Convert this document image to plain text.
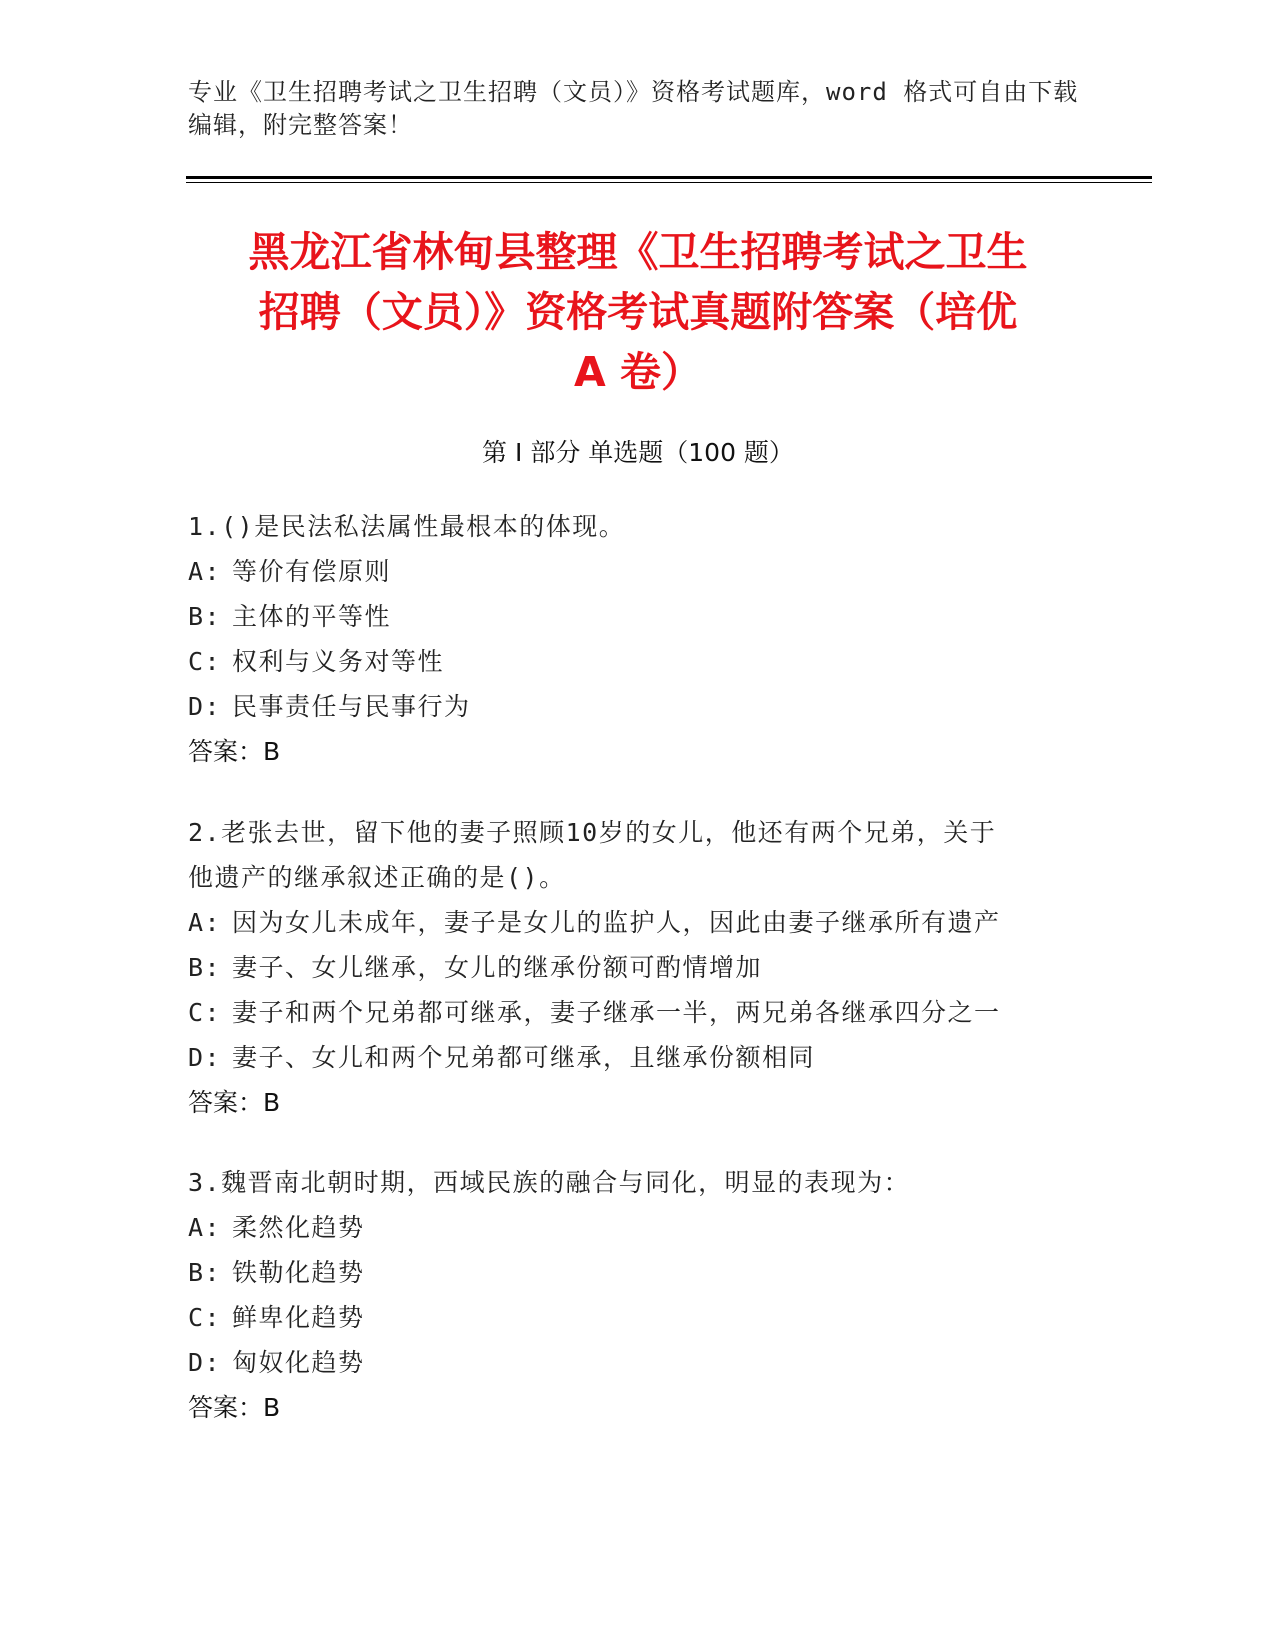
专业《卫生招聘考试之卫生招聘（文员）》资格考试题库，word 格式可自由下载
编辑，附完整答案！
黑龙江省林甸县整理《卫生招聘考试之卫生
招聘（文员）》资格考试真题附答案（培优
A 卷）
第 I 部分 单选题（100 题）
1.()是民法私法属性最根本的体现。
A: 等价有偿原则
B: 主体的平等性
C: 权利与义务对等性
D: 民事责任与民事行为
答案：B
2.老张去世，留下他的妻子照顾10岁的女儿，他还有两个兄弟，关于
他遗产的继承叙述正确的是()。
A: 因为女儿未成年，妻子是女儿的监护人，因此由妻子继承所有遗产
B: 妻子、女儿继承，女儿的继承份额可酌情增加
C: 妻子和两个兄弟都可继承，妻子继承一半，两兄弟各继承四分之一
D: 妻子、女儿和两个兄弟都可继承，且继承份额相同
答案：B
3.魏晋南北朝时期，西域民族的融合与同化，明显的表现为：
A: 柔然化趋势
B: 铁勒化趋势
C: 鲜卑化趋势
D: 匈奴化趋势
答案：B
